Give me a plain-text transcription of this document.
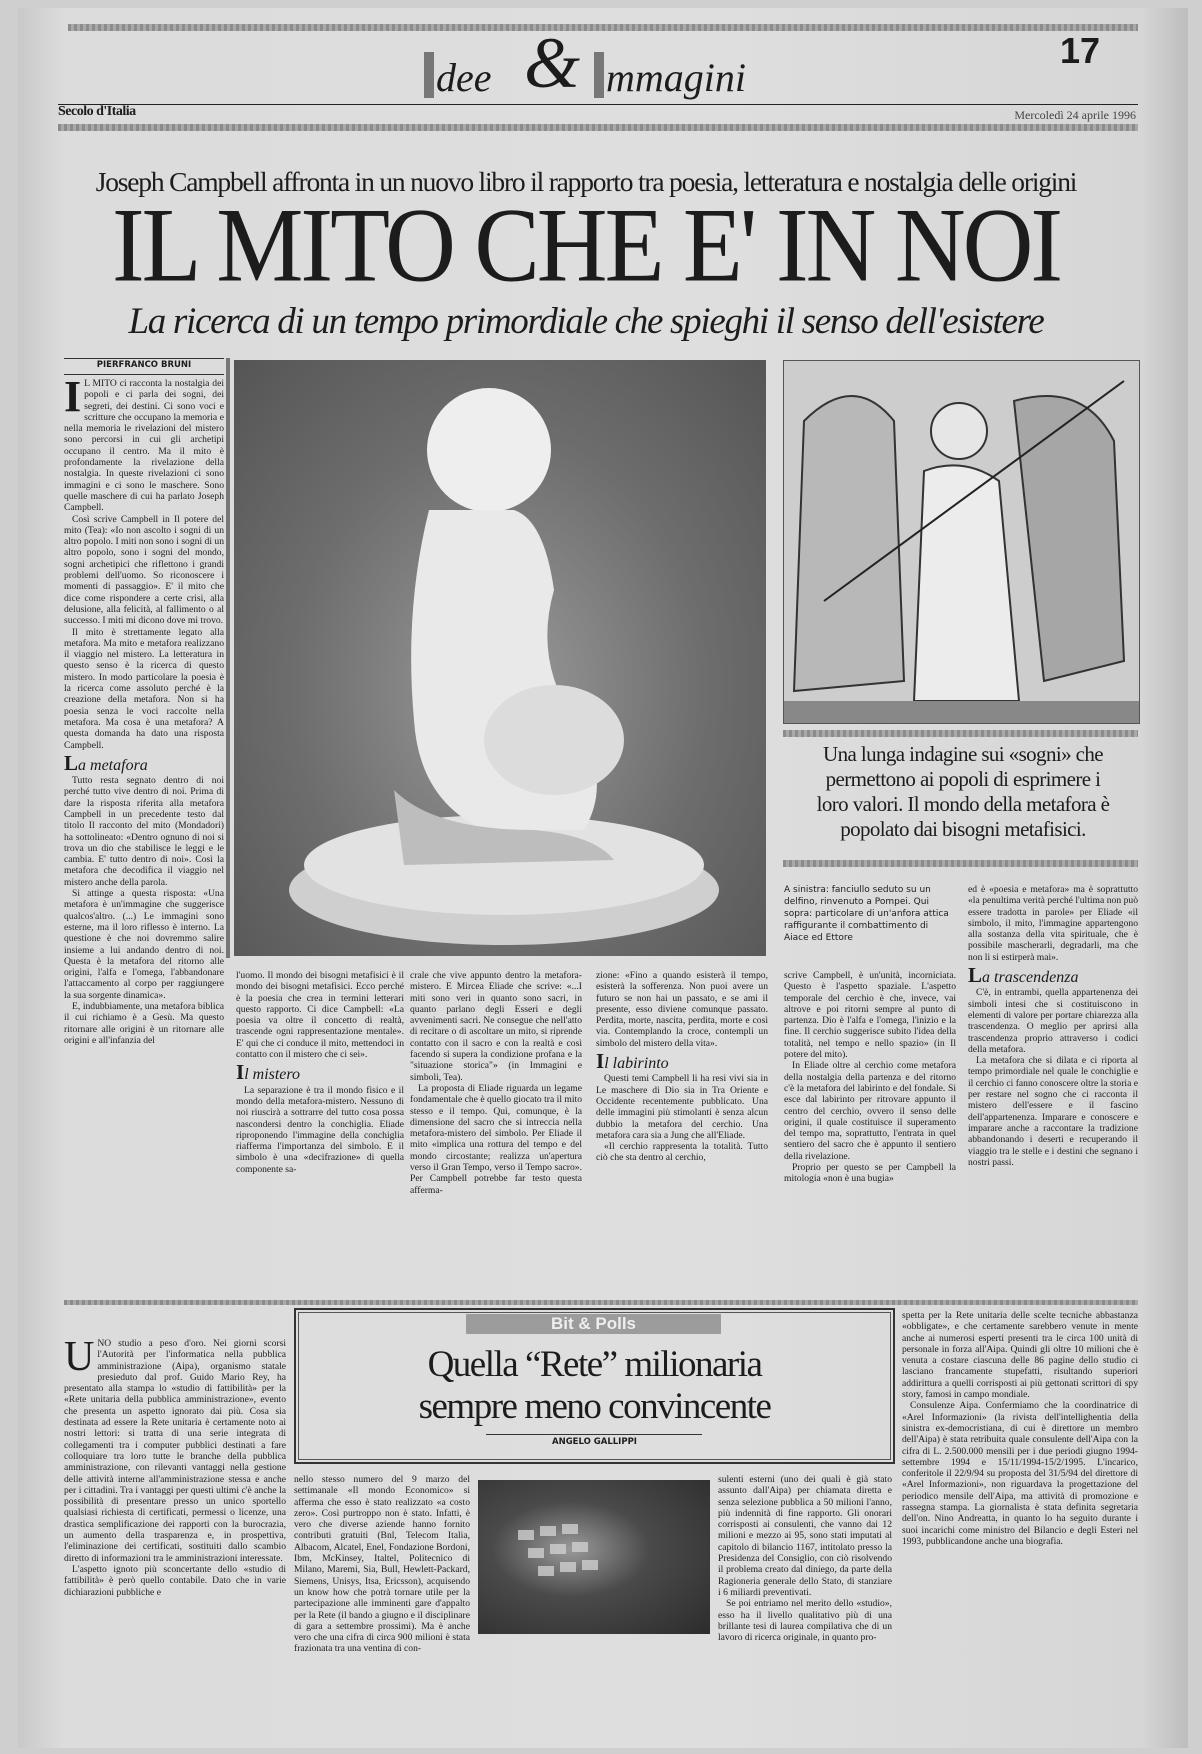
dee & mmagini
17
Secolo d'Italia	Mercoledì 24 aprile 1996
Joseph Campbell affronta in un nuovo libro il rapporto tra poesia, letteratura e nostalgia delle origini
IL MITO CHE E' IN NOI
La ricerca di un tempo primordiale che spieghi il senso dell'esistere
PIERFRANCO BRUNI
I L MITO ci racconta la nostalgia dei popoli e ci parla dei sogni, dei segreti, dei destini. Ci sono voci e scritture che occupano la memoria e nella memoria le rivelazioni del mistero sono percorsi in cui gli archetipi occupano il centro. Ma il mito è profondamente la rivelazione della nostalgia. In queste rivelazioni ci sono immagini e ci sono le maschere. Sono quelle maschere di cui ha parlato Joseph Campbell.

Così scrive Campbell in Il potere del mito (Tea): «Io non ascolto i sogni di un altro popolo. I miti non sono i sogni di un altro popolo, sono i sogni del mondo, sogni archetipici che riflettono i grandi problemi dell'uomo. So riconoscere i momenti di passaggio». E' il mito che dice come rispondere a certe crisi, alla delusione, alla felicità, al fallimento o al successo. I miti mi dicono dove mi trovo.

Il mito è strettamente legato alla metafora. Ma mito e metafora realizzano il viaggio nel mistero. La letteratura in questo senso è la ricerca di questo mistero. In modo particolare la poesia è la ricerca come assoluto perché è la creazione della metafora. Non si ha poesia senza le voci raccolte nella metafora. Ma cosa è una metafora? A questa domanda ha dato una risposta Campbell.

La metafora

Tutto resta segnato dentro di noi perché tutto vive dentro di noi. Prima di dare la risposta riferita alla metafora Campbell in un precedente testo dal titolo Il racconto del mito (Mondadori) ha sottolineato: «Dentro ognuno di noi si trova un dio che stabilisce le leggi e le cambia. E' tutto dentro di noi». Così la metafora che decodifica il viaggio nel mistero anche della parola.

Si attinge a questa risposta: «Una metafora è un'immagine che suggerisce qualcos'altro. (...) Le immagini sono esterne, ma il loro riflesso è interno. La questione è che noi dovremmo salire insieme a lui andando dentro di noi. Questa è la metafora del ritorno alle origini, l'alfa e l'omega, l'abbandonare l'attaccamento al corpo per raggiungere la sua sorgente dinamica».

E, indubbiamente, una metafora biblica il cui richiamo è a Gesù. Ma questo ritornare alle origini è un ritornare alle origini e all'infanzia del

Una lunga indagine sui «sogni» che permettono ai popoli di esprimere i loro valori. Il mondo della metafora è popolato dai bisogni metafisici.
A sinistra: fanciullo seduto su un delfino, rinvenuto a Pompei. Qui sopra: particolare di un'anfora attica raffigurante il combattimento di Aiace ed Ettore

l'uomo. Il mondo dei bisogni metafisici è il mondo dei bisogni metafisici. Ecco perché è la poesia che crea in termini letterari questo rapporto. Ci dice Campbell: «La poesia va oltre il concetto di realtà, trascende ogni rappresentazione mentale». E' qui che ci conduce il mito, mettendoci in contatto con il mistero che ci sei».

Il mistero

La separazione è tra il mondo fisico e il mondo della metafora-mistero. Nessuno di noi riuscirà a sottrarre del tutto cosa possa nascondersi dentro la conchiglia. Eliade riproponendo l'immagine della conchiglia riafferma l'importanza del simbolo. E il simbolo è una «decifrazione» di quella componente sa-

crale che vive appunto dentro la metafora-mistero. E Mircea Eliade che scrive: «...I miti sono veri in quanto sono sacri, in quanto parlano degli Esseri e degli avvenimenti sacri. Ne consegue che nell'atto di recitare o di ascoltare un mito, si riprende contatto con il sacro e con la realtà e così facendo si supera la condizione profana e la "situazione storica"» (in Immagini e simboli, Tea).

La proposta di Eliade riguarda un legame fondamentale che è quello giocato tra il mito stesso e il tempo. Qui, comunque, è la dimensione del sacro che si intreccia nella metafora-mistero del simbolo. Per Eliade il mito «implica una rottura del tempo e del mondo circostante; realizza un'apertura verso il Gran Tempo, verso il Tempo sacro». Per Campbell potrebbe far testo questa afferma-

zione: «Fino a quando esisterà il tempo, esisterà la sofferenza. Non puoi avere un futuro se non hai un passato, e se ami il presente, esso diviene comunque passato. Perdita, morte, nascita, perdita, morte e così via. Contemplando la croce, contempli un simbolo del mistero della vita».

Il labirinto

Questi temi Campbell li ha resi vivi sia in Le maschere di Dio sia in Tra Oriente e Occidente recentemente pubblicato. Una delle immagini più stimolanti è senza alcun dubbio la metafora del cerchio. Una metafora cara sia a Jung che all'Eliade.

«Il cerchio rappresenta la totalità. Tutto ciò che sta dentro al cerchio,

scrive Campbell, è un'unità, incorniciata. Questo è l'aspetto spaziale. L'aspetto temporale del cerchio è che, invece, vai altrove e poi ritorni sempre al punto di partenza. Dio è l'alfa e l'omega, l'inizio e la fine. Il cerchio suggerisce subito l'idea della totalità, nel tempo e nello spazio» (in Il potere del mito).

In Eliade oltre al cerchio come metafora della nostalgia della partenza e del ritorno c'è la metafora del labirinto e del fondale. Si esce dal labirinto per ritrovare appunto il centro del cerchio, ovvero il senso delle origini, il quale costituisce il superamento del tempo ma, soprattutto, l'entrata in quel sentiero del sacro che è appunto il sentiero della rivelazione.

Proprio per questo se per Campbell la mitologia «non è una bugia»

ed è «poesia e metafora» ma è soprattutto «la penultima verità perché l'ultima non può essere tradotta in parole» per Eliade «il simbolo, il mito, l'immagine appartengono alla sostanza della vita spirituale, che è possibile mascherarli, degradarli, ma che non li si estirperà mai».

La trascendenza

C'è, in entrambi, quella appartenenza dei simboli intesi che si costituiscono in elementi di valore per portare chiarezza alla trascendenza. O meglio per aprirsi alla trascendenza proprio attraverso i codici della metafora.

La metafora che si dilata e ci riporta al tempo primordiale nel quale le conchiglie e il cerchio ci fanno conoscere oltre la storia e per restare nel sogno che ci racconta il mistero dell'essere e il fascino dell'appartenenza. Imparare e conoscere e imparare anche a raccontare la tradizione abbandonando i deserti e recuperando il viaggio tra le stelle e i destini che segnano i nostri passi.

U NO studio a peso d'oro. Nei giorni scorsi l'Autorità per l'informatica nella pubblica amministrazione (Aipa), organismo statale presieduto dal prof. Guido Mario Rey, ha presentato alla stampa lo «studio di fattibilità» per la «Rete unitaria della pubblica amministrazione», evento che presenta un aspetto ignorato dai più. Cosa sia destinata ad essere la Rete unitaria è certamente noto ai nostri lettori: si tratta di una serie integrata di collegamenti tra i computer pubblici destinati a fare colloquiare tra loro tutte le branche della pubblica amministrazione, con rilevanti vantaggi nella gestione delle attività interne all'amministrazione stessa e anche per i cittadini. Tra i vantaggi per questi ultimi c'è anche la possibilità di presentare presso un unico sportello qualsiasi richiesta di certificati, permessi o licenze, una drastica semplificazione dei rapporti con la burocrazia, un aumento della trasparenza e, in prospettiva, l'eliminazione dei certificati, sostituiti dallo scambio diretto di informazioni tra le amministrazioni interessate.

L'aspetto ignoto più sconcertante dello «studio di fattibilità» è però quello contabile. Dato che in varie dichiarazioni pubbliche e

Bit & Polls
Quella “Rete” milionaria
sempre meno convincente
ANGELO GALLIPPI

nello stesso numero del 9 marzo del settimanale «Il mondo Economico» si afferma che esso è stato realizzato «a costo zero». Così purtroppo non è stato. Infatti, è vero che diverse aziende hanno fornito contributi gratuiti (Bnl, Telecom Italia, Albacom, Alcatel, Enel, Fondazione Bordoni, Ibm, McKinsey, Italtel, Politecnico di Milano, Maremi, Sia, Bull, Hewlett-Packard, Siemens, Unisys, Itsa, Ericsson), acquisendo un know how che potrà tornare utile per la partecipazione alle imminenti gare d'appalto per la Rete (il bando a giugno e il disciplinare di gara a settembre prossimi). Ma è anche vero che una cifra di circa 900 milioni è stata frazionata tra una ventina di con-

sulenti esterni (uno dei quali è già stato assunto dall'Aipa) per chiamata diretta e senza selezione pubblica a 50 milioni l'anno, più indennità di fine rapporto. Gli onorari corrisposti ai consulenti, che vanno dai 12 milioni e mezzo ai 95, sono stati imputati al capitolo di bilancio 1167, intitolato presso la Presidenza del Consiglio, con ciò risolvendo il problema creato dal diniego, da parte della Ragioneria generale dello Stato, di stanziare i 6 miliardi preventivati.

Se poi entriamo nel merito dello «studio», esso ha il livello qualitativo più di una brillante tesi di laurea compilativa che di un lavoro di ricerca originale, in quanto pro-

spetta per la Rete unitaria delle scelte tecniche abbastanza «obbligate», e che certamente sarebbero venute in mente anche ai numerosi esperti presenti tra le circa 100 unità di personale in forza all'Aipa. Quindi gli oltre 10 milioni che è venuta a costare ciascuna delle 86 pagine dello studio ci lasciano francamente stupefatti, risultando superiori addirittura a quelli corrisposti ai più gettonati scrittori di spy story, famosi in campo mondiale.

Consulenze Aipa. Confermiamo che la coordinatrice di «Arel Informazioni» (la rivista dell'intellighentia della sinistra ex-democristiana, di cui è direttore un membro dell'Aipa) è stata retribuita quale consulente dell'Aipa con la cifra di L. 2.500.000 mensili per i due periodi giugno 1994-settembre 1994 e 15/11/1994-15/2/1995. L'incarico, conferitole il 22/9/94 su proposta del 31/5/94 del direttore di «Arel Informazioni», non riguardava la progettazione del periodico mensile dell'Aipa, ma attività di promozione e rassegna stampa. La giornalista è stata definita segretaria dell'on. Nino Andreatta, in quanto lo ha seguito durante i suoi incarichi come ministro del Bilancio e degli Esteri nel 1993, pubblicandone anche una biografia.
